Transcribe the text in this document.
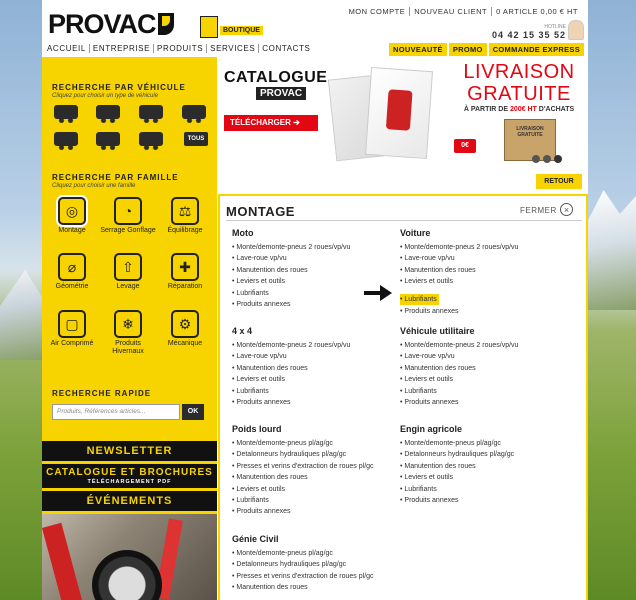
PROVAC	BOUTIQUE
MON COMPTE NOUVEAU CLIENT 0 ARTICLE 0,00 € HT
HOTLINE
04 42 15 35 52
ACCUEIL ENTREPRISE PRODUITS SERVICES CONTACTS	NOUVEAUTÉ	PROMO	COMMANDE EXPRESS
RECHERCHE PAR VÉHICULE
Cliquez pour choisir un type de véhicule
TOUS
RECHERCHE PAR FAMILLE
Cliquez pour choisir une famille
◎
Montage
◔
Serrage Gonflage
⚖
Équilibrage
⌀
Géométrie
⇧
Levage
✚
Réparation
▢
Air Comprimé
❄
Produits Hivernaux
⚙
Mécanique
RECHERCHE RAPIDE
Produits, Références articles...	OK
NEWSLETTER
CATALOGUE ET BROCHURES
TÉLÉCHARGEMENT PDF
ÉVÉNEMENTS
CATALOGUE
PROVAC
TÉLÉCHARGER ➔
LIVRAISON
GRATUITE
À PARTIR DE 200€ HT D'ACHATS
0€
LIVRAISON GRATUITE
RETOUR
MONTAGE	FERMER ×
Moto
• Monte/demonte-pneus 2 roues/vp/vu
• Lave-roue vp/vu
• Manutention des roues
• Leviers et outils
• Lubrifiants
• Produits annexes
Voiture
• Monte/demonte-pneus 2 roues/vp/vu
• Lave-roue vp/vu
• Manutention des roues
• Leviers et outils
• Lubrifiants
• Produits annexes
4 x 4
• Monte/demonte-pneus 2 roues/vp/vu
• Lave-roue vp/vu
• Manutention des roues
• Leviers et outils
• Lubrifiants
• Produits annexes
Véhicule utilitaire
• Monte/demonte-pneus 2 roues/vp/vu
• Lave-roue vp/vu
• Manutention des roues
• Leviers et outils
• Lubrifiants
• Produits annexes
Poids lourd
• Monte/demonte-pneus pl/ag/gc
• Detalonneurs hydrauliques pl/ag/gc
• Presses et verins d'extraction de roues pl/gc
• Manutention des roues
• Leviers et outils
• Lubrifiants
• Produits annexes
Engin agricole
• Monte/demonte-pneus pl/ag/gc
• Detalonneurs hydrauliques pl/ag/gc
• Manutention des roues
• Leviers et outils
• Lubrifiants
• Produits annexes
Génie Civil
• Monte/demonte-pneus pl/ag/gc
• Detalonneurs hydrauliques pl/ag/gc
• Presses et verins d'extraction de roues pl/gc
• Manutention des roues
